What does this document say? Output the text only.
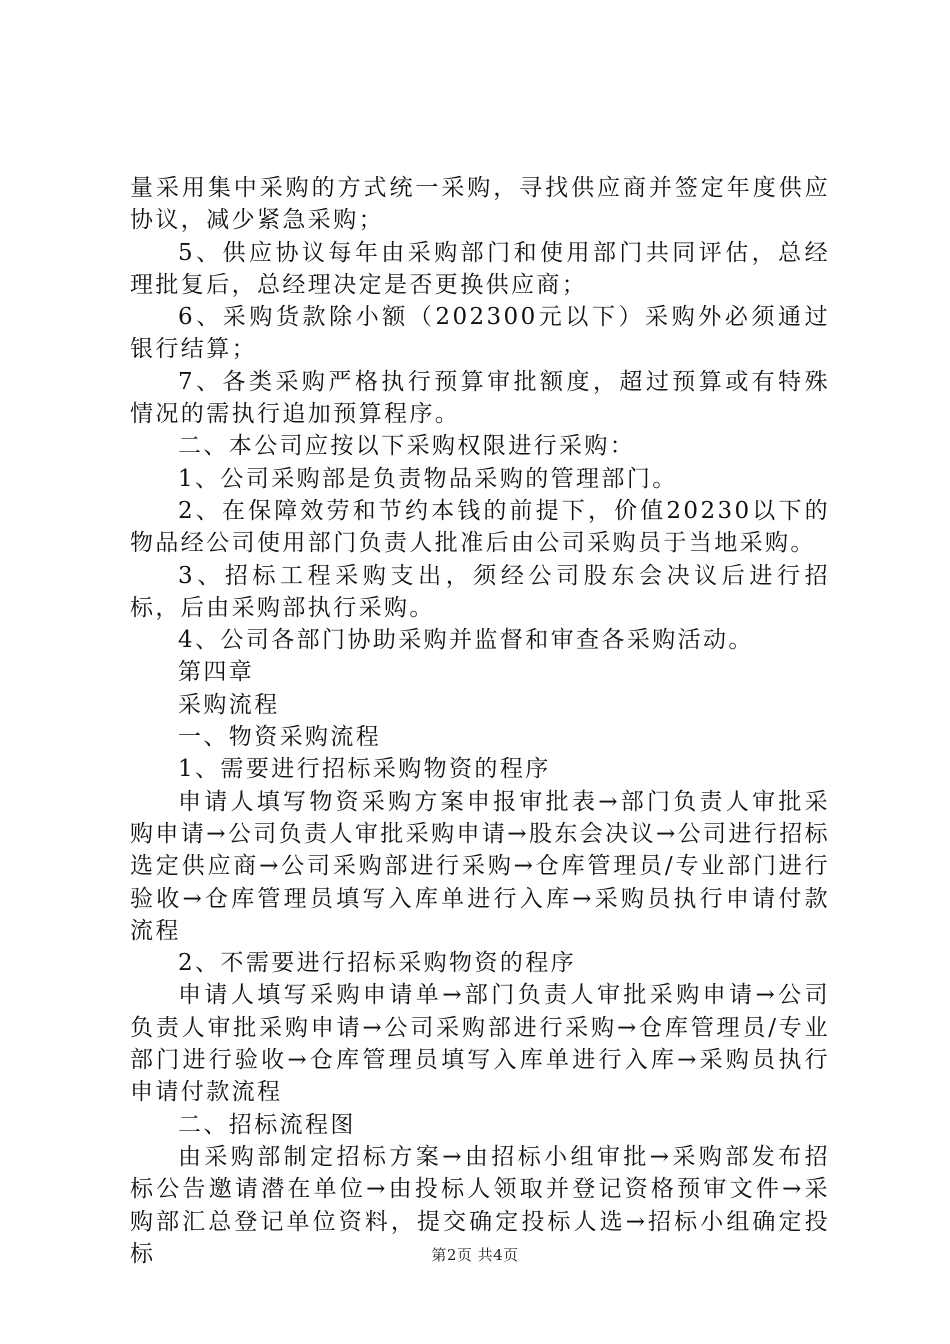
量采用集中采购的方式统一采购，寻找供应商并签定年度供应协议，减少紧急采购；

5、供应协议每年由采购部门和使用部门共同评估，总经理批复后，总经理决定是否更换供应商；

6、采购货款除小额（202300元以下）采购外必须通过银行结算；

7、各类采购严格执行预算审批额度，超过预算或有特殊情况的需执行追加预算程序。

二、本公司应按以下采购权限进行采购：

1、公司采购部是负责物品采购的管理部门。

2、在保障效劳和节约本钱的前提下，价值20230以下的物品经公司使用部门负责人批准后由公司采购员于当地采购。

3、招标工程采购支出，须经公司股东会决议后进行招标，后由采购部执行采购。

4、公司各部门协助采购并监督和审查各采购活动。

第四章

采购流程

一、物资采购流程

1、需要进行招标采购物资的程序

申请人填写物资采购方案申报审批表→部门负责人审批采购申请→公司负责人审批采购申请→股东会决议→公司进行招标选定供应商→公司采购部进行采购→仓库管理员/专业部门进行验收→仓库管理员填写入库单进行入库→采购员执行申请付款流程

2、不需要进行招标采购物资的程序

申请人填写采购申请单→部门负责人审批采购申请→公司负责人审批采购申请→公司采购部进行采购→仓库管理员/专业部门进行验收→仓库管理员填写入库单进行入库→采购员执行申请付款流程

二、招标流程图

由采购部制定招标方案→由招标小组审批→采购部发布招标公告邀请潜在单位→由投标人领取并登记资格预审文件→采购部汇总登记单位资料，提交确定投标人选→招标小组确定投标	第2页 共4页
